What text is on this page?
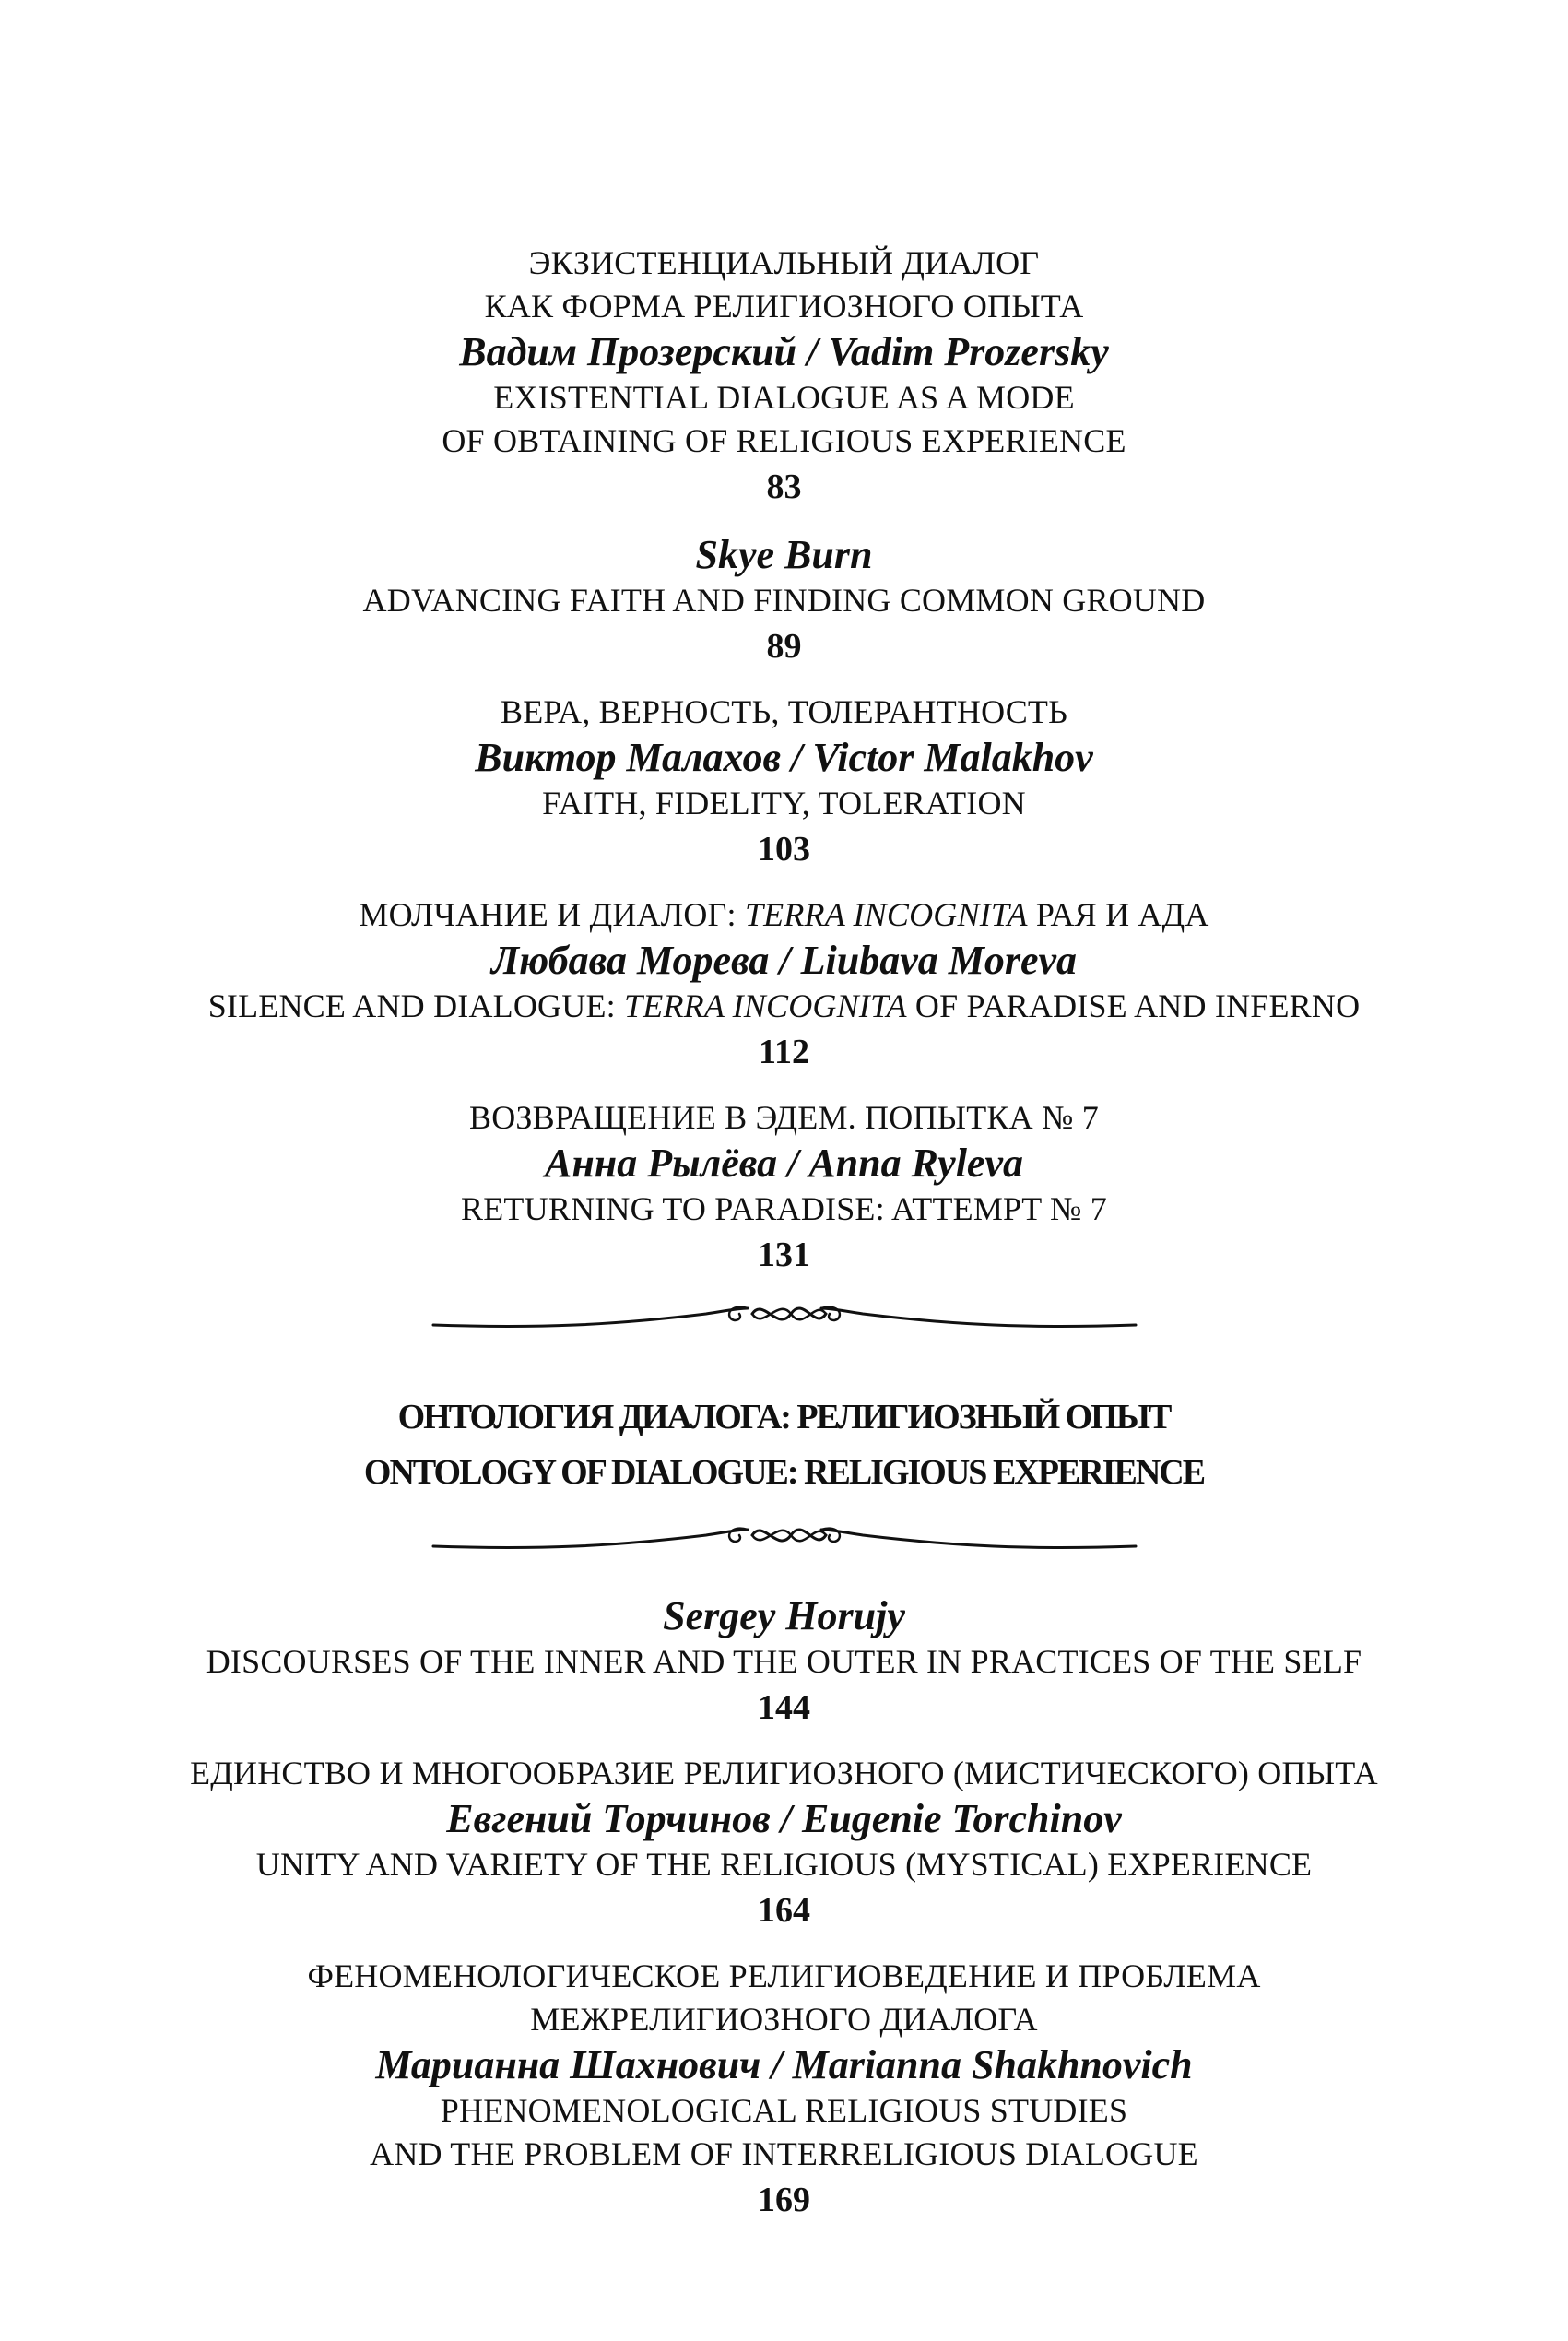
ЭКЗИСТЕНЦИАЛЬНЫЙ ДИАЛОГ
КАК ФОРМА РЕЛИГИОЗНОГО ОПЫТА
Вадим Прозерский / Vadim Prozersky
EXISTENTIAL DIALOGUE AS A MODE
OF OBTAINING OF RELIGIOUS EXPERIENCE
83
Skye Burn
ADVANCING FAITH AND FINDING COMMON GROUND
89
ВЕРА, ВЕРНОСТЬ, ТОЛЕРАНТНОСТЬ
Виктор Малахов / Victor Malakhov
FAITH, FIDELITY, TOLERATION
103
МОЛЧАНИЕ И ДИАЛОГ: TERRA INCOGNITA РАЯ И АДА
Любава Морева / Liubava Moreva
SILENCE AND DIALOGUE: TERRA INCOGNITA OF PARADISE AND INFERNO
112
ВОЗВРАЩЕНИЕ В ЭДЕМ. ПОПЫТКА № 7
Анна Рылёва / Anna Ryleva
RETURNING TO PARADISE: ATTEMPT № 7
131
ОНТОЛОГИЯ ДИАЛОГА: РЕЛИГИОЗНЫЙ ОПЫТ
ONTOLOGY OF DIALOGUE: RELIGIOUS EXPERIENCE
Sergey Horujy
DISCOURSES OF THE INNER AND THE OUTER IN PRACTICES OF THE SELF
144
ЕДИНСТВО И МНОГООБРАЗИЕ РЕЛИГИОЗНОГО (МИСТИЧЕСКОГО) ОПЫТА
Евгений Торчинов / Eugenie Torchinov
UNITY AND VARIETY OF THE RELIGIOUS (MYSTICAL) EXPERIENCE
164
ФЕНОМЕНОЛОГИЧЕСКОЕ РЕЛИГИОВЕДЕНИЕ И ПРОБЛЕМА
МЕЖРЕЛИГИОЗНОГО ДИАЛОГА
Марианна Шахнович / Marianna Shakhnovich
PHENOMENOLOGICAL RELIGIOUS STUDIES
AND THE PROBLEM OF INTERRELIGIOUS DIALOGUE
169
